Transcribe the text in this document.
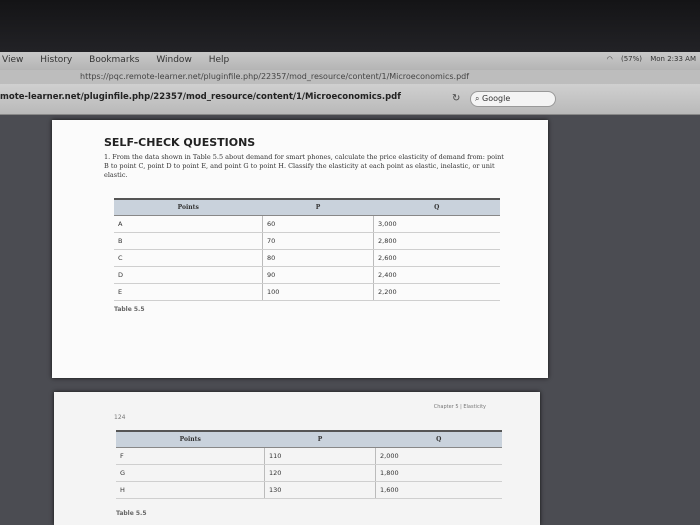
View History Bookmarks Window Help	◠ (57%) Mon 2:33 AM
https://pqc.remote-learner.net/pluginfile.php/22357/mod_resource/content/1/Microeconomics.pdf
mote-learner.net/pluginfile.php/22357/mod_resource/content/1/Microeconomics.pdf	↻	⌕ Google
SELF-CHECK QUESTIONS
1. From the data shown in Table 5.5 about demand for smart phones, calculate the price elasticity of demand from: point B to point C, point D to point E, and point G to point H. Classify the elasticity at each point as elastic, inelastic, or unit elastic.
Points	P	Q
A	60	3,000
B	70	2,800
C	80	2,600
D	90	2,400
E	100	2,200
Table 5.5
124
Chapter 5 | Elasticity
Points	P	Q
F	110	2,000
G	120	1,800
H	130	1,600
Table 5.5
